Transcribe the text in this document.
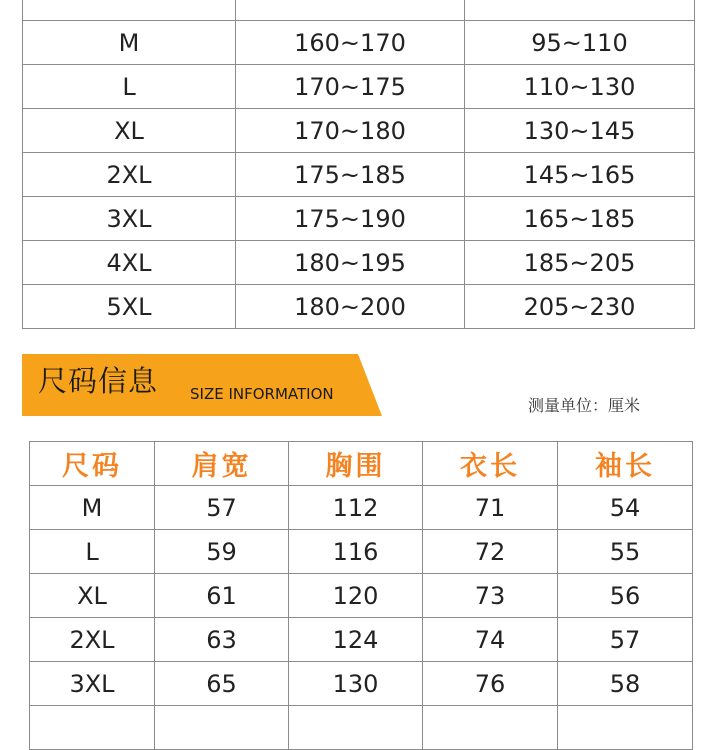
M	160~170	95~110
L	170~175	110~130
XL	170~180	130~145
2XL	175~185	145~165
3XL	175~190	165~185
4XL	180~195	185~205
5XL	180~200	205~230
尺码信息 SIZE INFORMATION
测量单位：厘米
尺码	肩宽	胸围	衣长	袖长
M	57	112	71	54
L	59	116	72	55
XL	61	120	73	56
2XL	63	124	74	57
3XL	65	130	76	58
